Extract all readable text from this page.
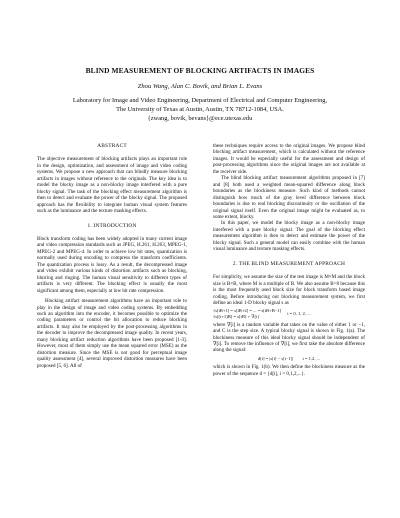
BLIND MEASUREMENT OF BLOCKING ARTIFACTS IN IMAGES
Zhou Wang, Alan C. Bovik, and Brian L. Evans
Laboratory for Image and Video Engineering, Department of Electrical and Computer Engineering,
The University of Texas at Austin, Austin, TX 78712-1084, USA.
{zwang, bovik, bevans}@ece.utexas.edu
ABSTRACT

The objective measurement of blocking artifacts plays an important role in the design, optimization, and assessment of image and video coding systems. We propose a new approach that can blindly measure blocking artifacts in images without reference to the originals. The key idea is to model the blocky image as a non-blocky image interfered with a pure blocky signal. The task of the blocking effect measurement algorithm is then to detect and evaluate the power of the blocky signal. The proposed approach has the flexibility to integrate human visual system features such as the luminance and the texture masking effects.

1. INTRODUCTION

Block transform coding has been widely adopted in many current image and video compression standards such as JPEG, H.261, H.263, MPEG-1, MPEG-2 and MPEG-4. In order to achieve low bit rates, quantization is normally used during encoding to compress the transform coefficients. The quantization process is lossy. As a result, the decompressed image and video exhibit various kinds of distortion artifacts such as blocking, blurring and ringing. The human visual sensitivity to different types of artifacts is very different. The blocking effect is usually the most significant among them, especially at low bit rate compression.

Blocking artifact measurement algorithms have an important role to play in the design of image and video coding systems. By embedding such an algorithm into the encoder, it becomes possible to optimize the coding parameters or control the bit allocation to reduce blocking artifacts. It may also be employed by the post-processing algorithms in the decoder to improve the decompressed image quality. In recent years, many blocking artifact reduction algorithms have been proposed [1-3]. However, most of them simply use the mean squared error (MSE) as the distortion measure. Since the MSE is not good for perceptual image quality assessment [4], several improved distortion measures have been proposed [5, 6]. All of

these techniques require access to the original images. We propose blind blocking artifact measurement, which is calculated without the reference images. It would be especially useful for the assessment and design of post-processing algorithms since the original images are not available at the receiver side.

The blind blocking artifact measurement algorithms proposed in [7] and [8] both used a weighted mean-squared difference along block boundaries as the blockiness measure. Such kind of methods cannot distinguish how much of the gray level difference between block boundaries is due to real blocking discontinuity or the oscillation of the original signal itself. Even the original image might be evaluated as, to some extent, blocky.

In this paper, we model the blocky image as a non-blocky image interfered with a pure blocky signal. The goal of the blocking effect measurement algorithm is then to detect and estimate the power of the blocky signal. Such a general model can easily combine with the human visual luminance and texture masking effects.

2. THE BLIND MEASUREMENT APPROACH

For simplicity, we assume the size of the test image is M×M and the block size is B×B, where M is a multiple of B. We also assume B=8 because this is the most frequently used block size for block transform based image coding. Before introducing our blocking measurement system, we first define an ideal 1-D blocky signal s as

{s[iB+1] = s[iB+2] = ... = s[iB+B−1]
{s[(i+1)B] = s[iB] + ∇[i]
i = 0, 1, 2, ...

where ∇[i] is a random variable that takes on the value of either 1 or −1, and C is the step size. A typical blocky signal is shown in Fig. 1(a). The blockiness measure of this ideal blocky signal should be independent of ∇[i]. To remove the influence of ∇[i], we first take the absolute difference along the signal:

d[i] = |s[i] − s[i−1]| i = 1,2, ...

which is shown in Fig. 1(b). We then define the blockiness measure as the power of the sequence d = {d[i], i = 0,1,2,...}.
